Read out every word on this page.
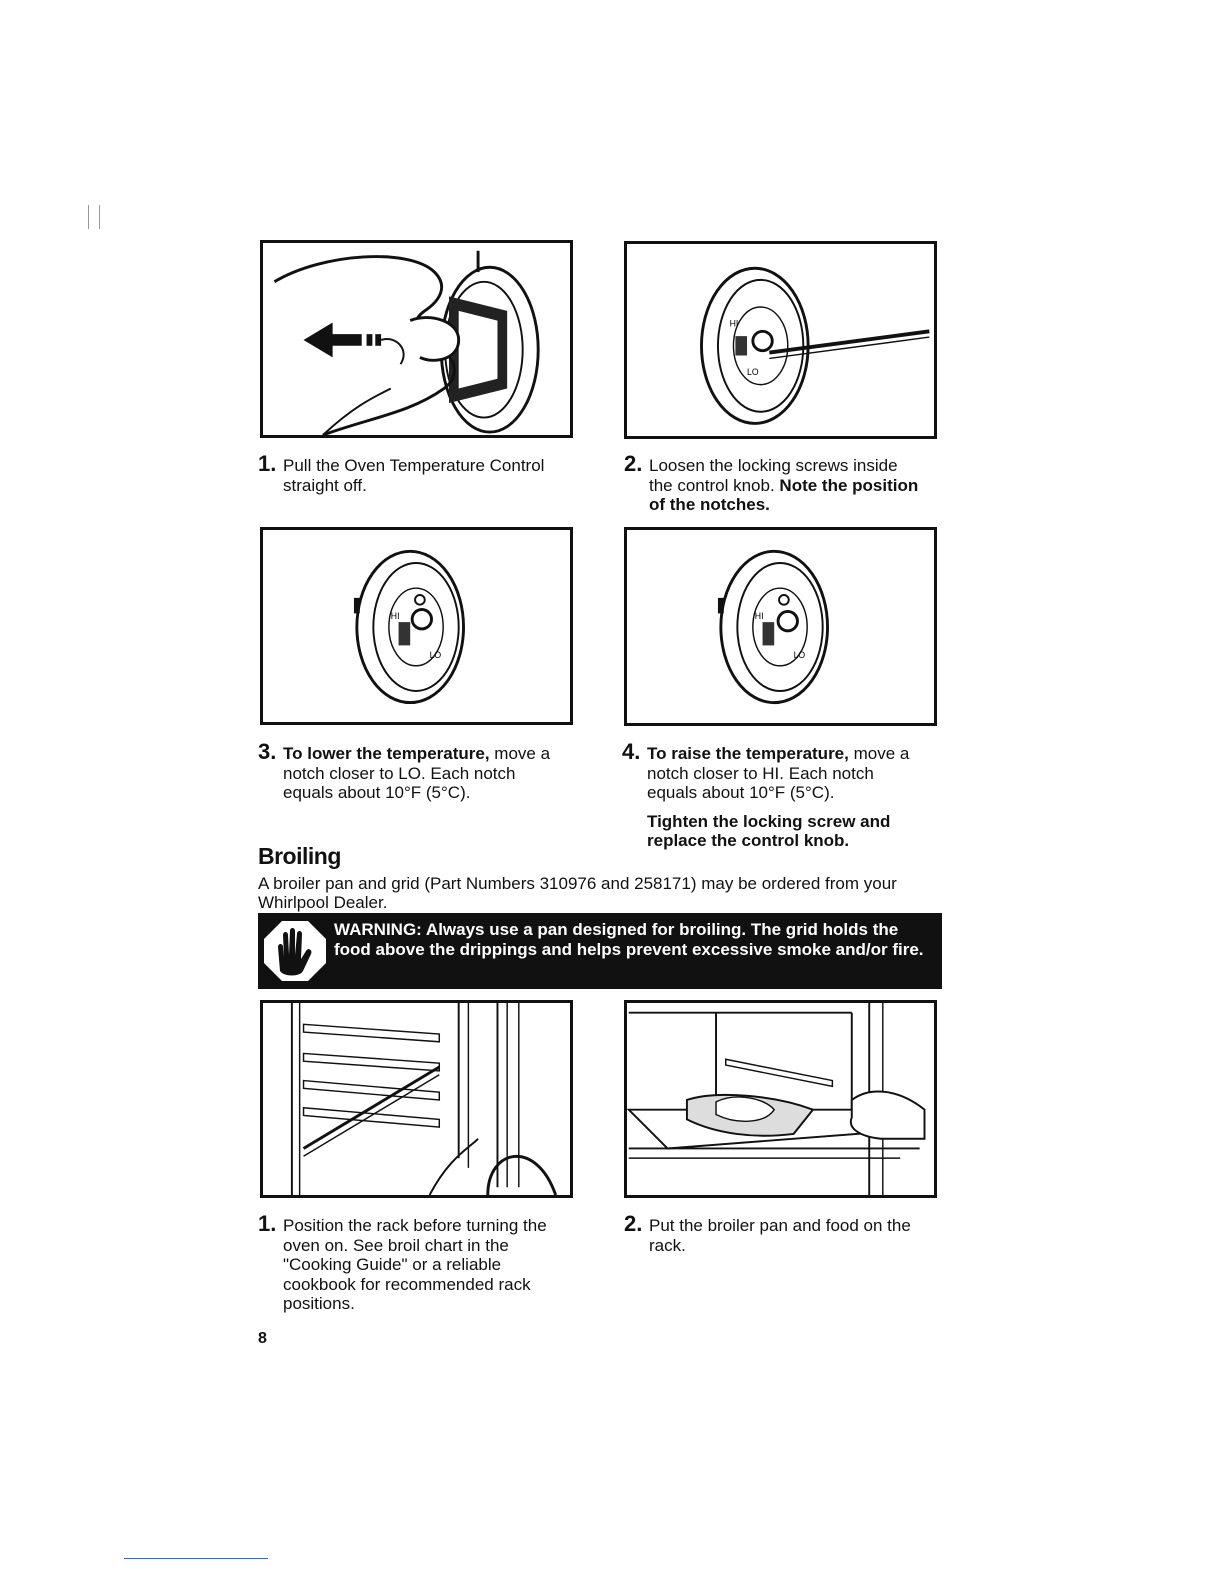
HI
LO
1. Pull the Oven Temperature Control straight off.
2. Loosen the locking screws inside the control knob. Note the position of the notches.
HI
LO
HI
LO
3. To lower the temperature, move a notch closer to LO. Each notch equals about 10°F (5°C).
4. To raise the temperature, move a notch closer to HI. Each notch equals about 10°F (5°C).
Tighten the locking screw and replace the control knob.
Broiling
A broiler pan and grid (Part Numbers 310976 and 258171) may be ordered from your Whirlpool Dealer.
WARNING: Always use a pan designed for broiling. The grid holds the food above the drippings and helps prevent excessive smoke and/or fire.
1. Position the rack before turning the oven on. See broil chart in the "Cooking Guide" or a reliable cookbook for recommended rack positions.
2. Put the broiler pan and food on the rack.
8
